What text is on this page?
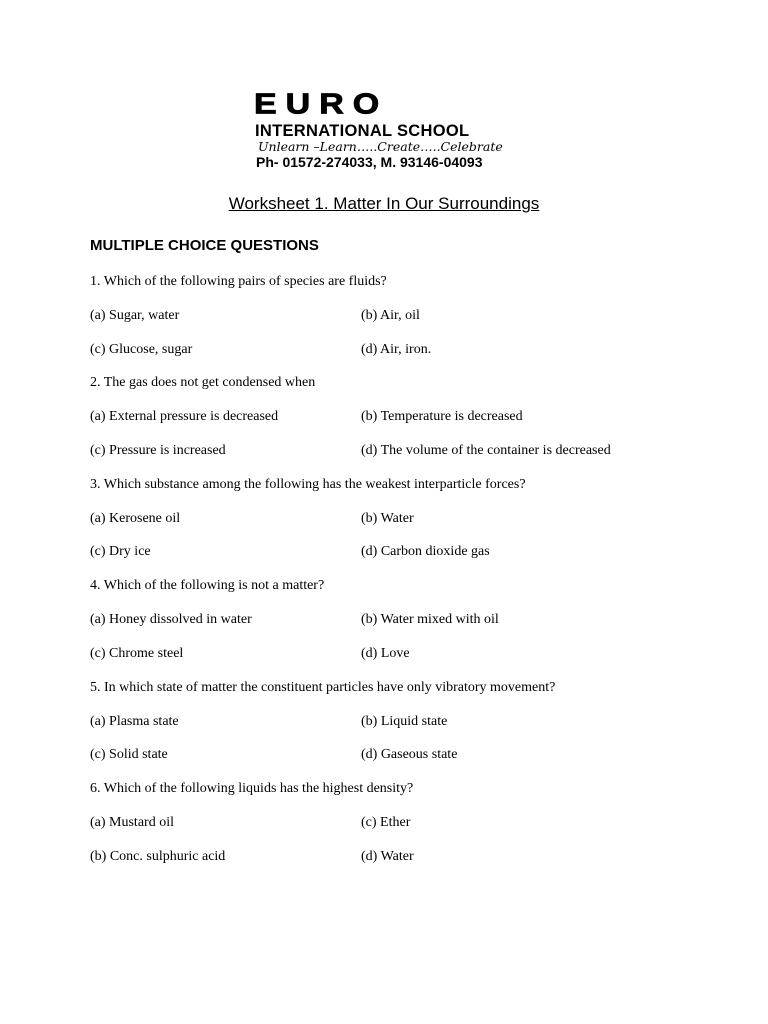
EURO
INTERNATIONAL SCHOOL
Unlearn –Learn…..Create…..Celebrate
Ph- 01572-274033, M. 93146-04093
Worksheet 1. Matter In Our Surroundings
MULTIPLE CHOICE QUESTIONS
1. Which of the following pairs of species are fluids?
(a) Sugar, water	(b) Air, oil
(c) Glucose, sugar	(d) Air, iron.
2. The gas does not get condensed when
(a) External pressure is decreased	(b) Temperature is decreased
(c) Pressure is increased	(d) The volume of the container is decreased
3. Which substance among the following has the weakest interparticle forces?
(a) Kerosene oil	(b) Water
(c) Dry ice	(d) Carbon dioxide gas
4. Which of the following is not a matter?
(a) Honey dissolved in water	(b) Water mixed with oil
(c) Chrome steel	(d) Love
5. In which state of matter the constituent particles have only vibratory movement?
(a) Plasma state	(b) Liquid state
(c) Solid state	(d) Gaseous state
6. Which of the following liquids has the highest density?
(a) Mustard oil	(c) Ether
(b) Conc. sulphuric acid	(d) Water
